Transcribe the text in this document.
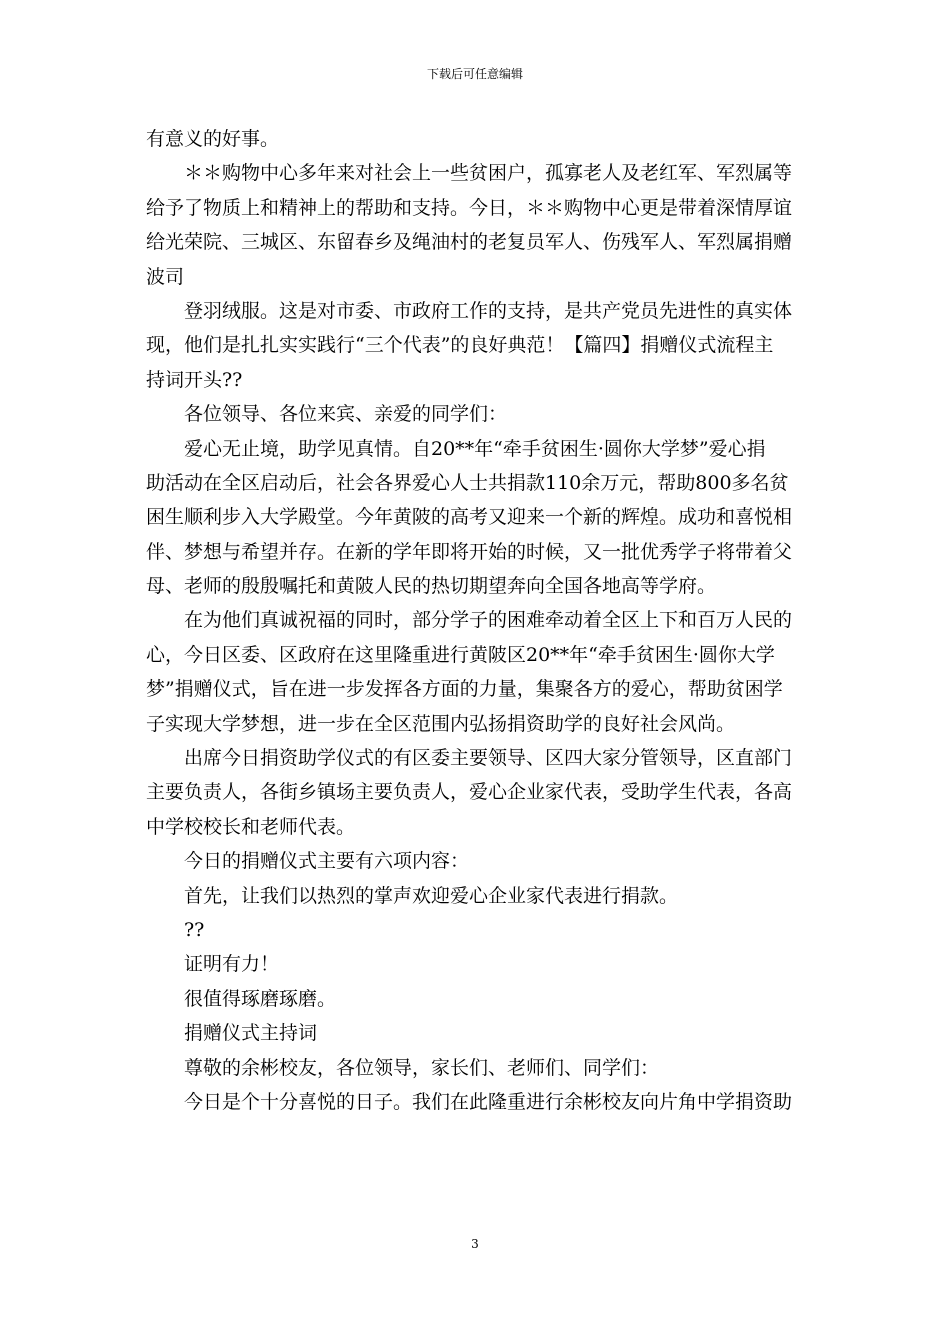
下载后可任意编辑
有意义的好事。
＊＊购物中心多年来对社会上一些贫困户，孤寡老人及老红军、军烈属等
给予了物质上和精神上的帮助和支持。今日，＊＊购物中心更是带着深情厚谊
给光荣院、三城区、东留春乡及绳油村的老复员军人、伤残军人、军烈属捐赠
波司
登羽绒服。这是对市委、市政府工作的支持，是共产党员先进性的真实体
现，他们是扎扎实实践行“三个代表”的良好典范！【篇四】捐赠仪式流程主
持词开头??
各位领导、各位来宾、亲爱的同学们：
爱心无止境，助学见真情。自20**年“牵手贫困生·圆你大学梦”爱心捐
助活动在全区启动后，社会各界爱心人士共捐款110余万元，帮助800多名贫
困生顺利步入大学殿堂。今年黄陂的高考又迎来一个新的辉煌。成功和喜悦相
伴、梦想与希望并存。在新的学年即将开始的时候，又一批优秀学子将带着父
母、老师的殷殷嘱托和黄陂人民的热切期望奔向全国各地高等学府。
在为他们真诚祝福的同时，部分学子的困难牵动着全区上下和百万人民的
心，今日区委、区政府在这里隆重进行黄陂区20**年“牵手贫困生·圆你大学
梦”捐赠仪式，旨在进一步发挥各方面的力量，集聚各方的爱心，帮助贫困学
子实现大学梦想，进一步在全区范围内弘扬捐资助学的良好社会风尚。
出席今日捐资助学仪式的有区委主要领导、区四大家分管领导，区直部门
主要负责人，各街乡镇场主要负责人，爱心企业家代表，受助学生代表，各高
中学校校长和老师代表。
今日的捐赠仪式主要有六项内容：
首先，让我们以热烈的掌声欢迎爱心企业家代表进行捐款。
??
证明有力！
很值得琢磨琢磨。
捐赠仪式主持词
尊敬的余彬校友，各位领导，家长们、老师们、同学们：
今日是个十分喜悦的日子。我们在此隆重进行余彬校友向片角中学捐资助
3
